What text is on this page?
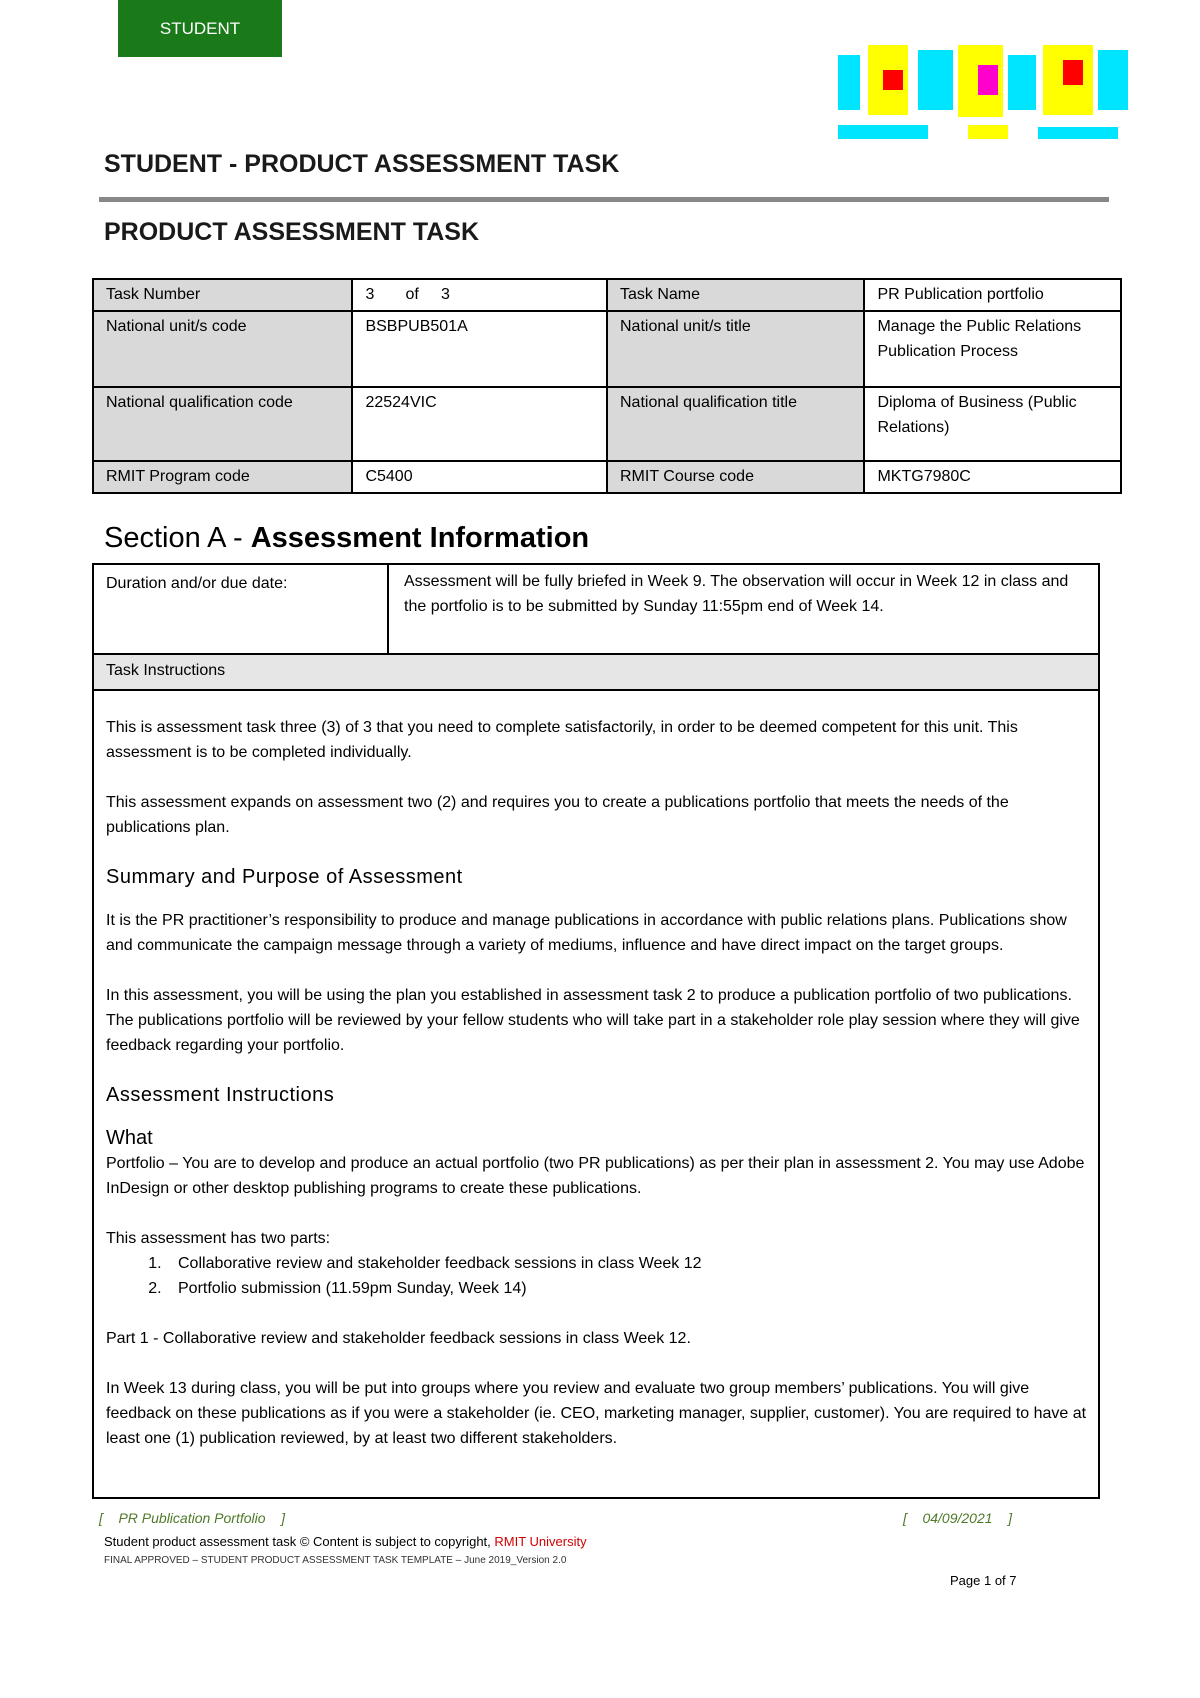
STUDENT
STUDENT - PRODUCT ASSESSMENT TASK
PRODUCT ASSESSMENT TASK
Task Number	3       of     3	Task Name	PR Publication portfolio
National unit/s code	BSBPUB501A	National unit/s title	Manage the Public Relations Publication Process
National qualification code	22524VIC	National qualification title	Diploma of Business (Public Relations)
RMIT Program code	C5400	RMIT Course code	MKTG7980C
Section A - Assessment Information
Duration and/or due date:	Assessment will be fully briefed in Week 9. The observation will occur in Week 12 in class and the portfolio is to be submitted by Sunday 11:55pm end of Week 14.
Task Instructions

This is assessment task three (3) of 3 that you need to complete satisfactorily, in order to be deemed competent for this unit. This assessment is to be completed individually.

This assessment expands on assessment two (2) and requires you to create a publications portfolio that meets the needs of the publications plan.

Summary and Purpose of Assessment

It is the PR practitioner’s responsibility to produce and manage publications in accordance with public relations plans. Publications show and communicate the campaign message through a variety of mediums, influence and have direct impact on the target groups.

In this assessment, you will be using the plan you established in assessment task 2 to produce a publication portfolio of two publications. The publications portfolio will be reviewed by your fellow students who will take part in a stakeholder role play session where they will give feedback regarding your portfolio.

Assessment Instructions
What

Portfolio – You are to develop and produce an actual portfolio (two PR publications) as per their plan in assessment 2. You may use Adobe InDesign or other desktop publishing programs to create these publications.

This assessment has two parts:

1. Collaborative review and stakeholder feedback sessions in class Week 12
2. Portfolio submission (11.59pm Sunday, Week 14)

Part 1 - Collaborative review and stakeholder feedback sessions in class Week 12.

In Week 13 during class, you will be put into groups where you review and evaluate two group members’ publications. You will give feedback on these publications as if you were a stakeholder (ie. CEO, marketing manager, supplier, customer). You are required to have at least one (1) publication reviewed, by at least two different stakeholders.

[    PR Publication Portfolio    ]	[    04/09/2021    ]
Student product assessment task © Content is subject to copyright, RMIT University
FINAL APPROVED – STUDENT PRODUCT ASSESSMENT TASK TEMPLATE – June 2019_Version 2.0
Page 1 of 7
